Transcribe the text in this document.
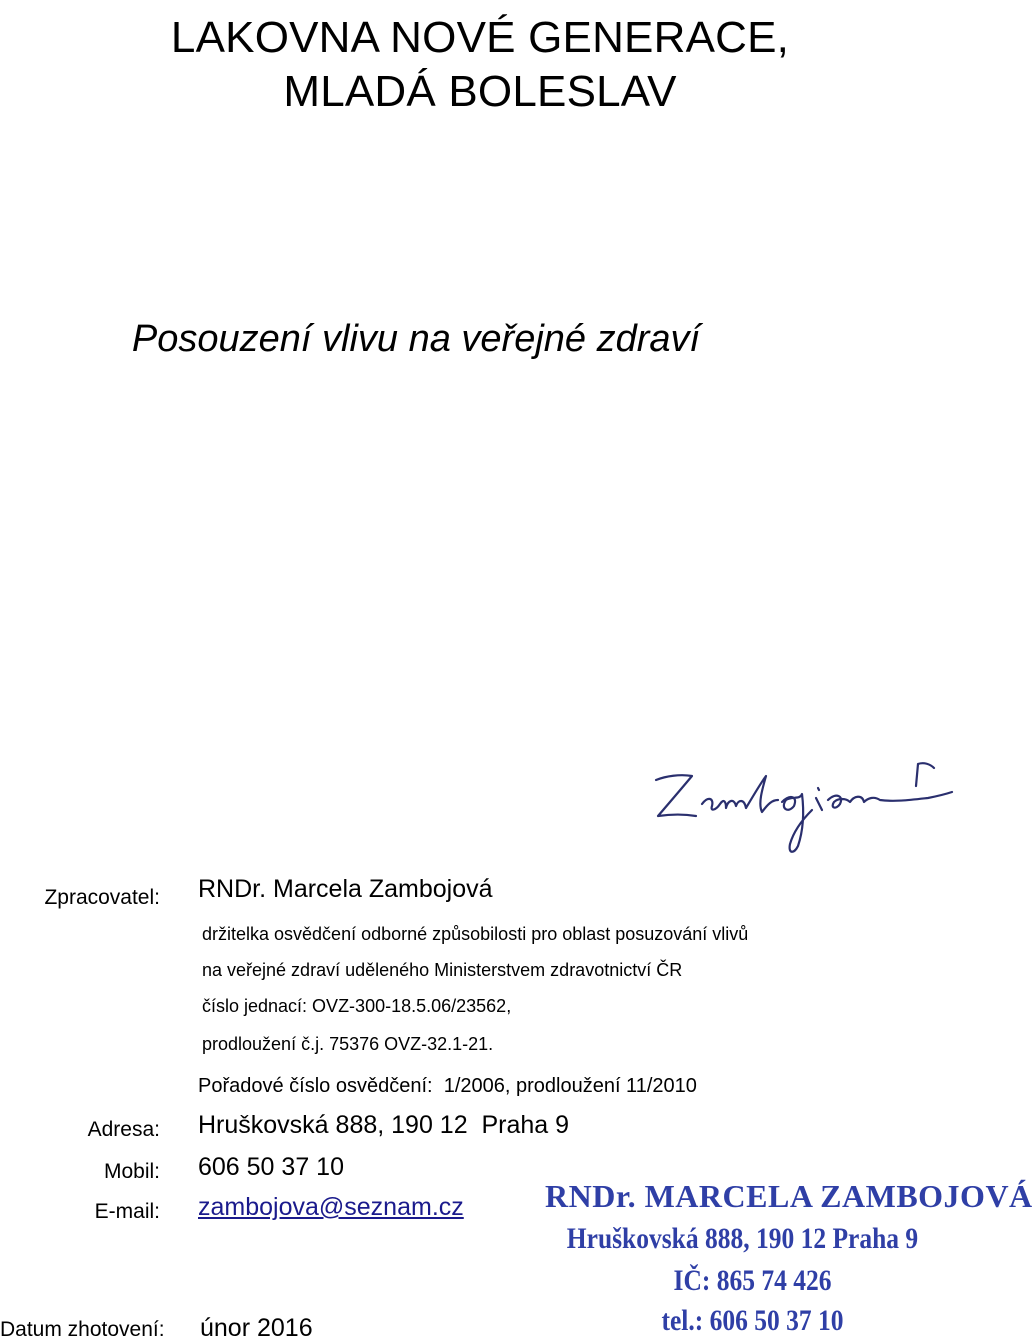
LAKOVNA NOVÉ GENERACE,
MLADÁ BOLESLAV
Posouzení vlivu na veřejné zdraví
Zpracovatel: RNDr. Marcela Zambojová
držitelka osvědčení odborné způsobilosti pro oblast posuzování vlivů
na veřejné zdraví uděleného Ministerstvem zdravotnictví ČR
číslo jednací: OVZ-300-18.5.06/23562,
prodloužení č.j. 75376 OVZ-32.1-21.
Pořadové číslo osvědčení:  1/2006, prodloužení 11/2010
Adresa: Hruškovská 888, 190 12  Praha 9
Mobil: 606 50 37 10
E-mail: zambojova@seznam.cz
Datum zhotovení: únor 2016
RNDr. MARCELA ZAMBOJOVÁ
Hruškovská 888, 190 12 Praha 9
IČ: 865 74 426
tel.: 606 50 37 10
